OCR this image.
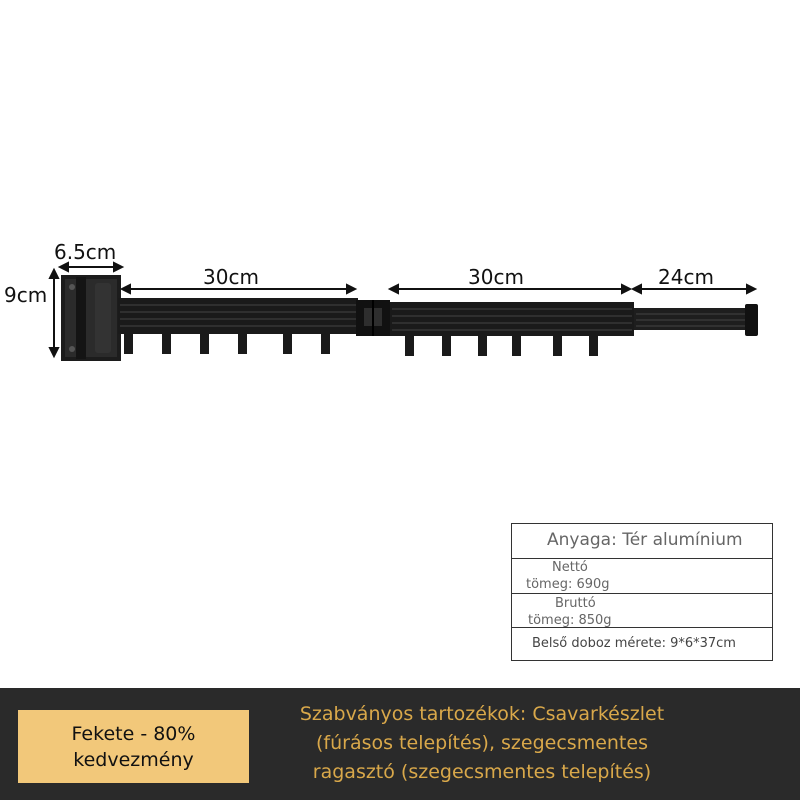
6.5cm
9cm
30cm	30cm	24cm
Anyaga: Tér alumínium
Nettó
tömeg: 690g
Bruttó
tömeg: 850g
Belső doboz mérete: 9*6*37cm
Fekete - 80%
kedvezmény
Szabványos tartozékok: Csavarkészlet
(fúrásos telepítés), szegecsmentes
ragasztó (szegecsmentes telepítés)
